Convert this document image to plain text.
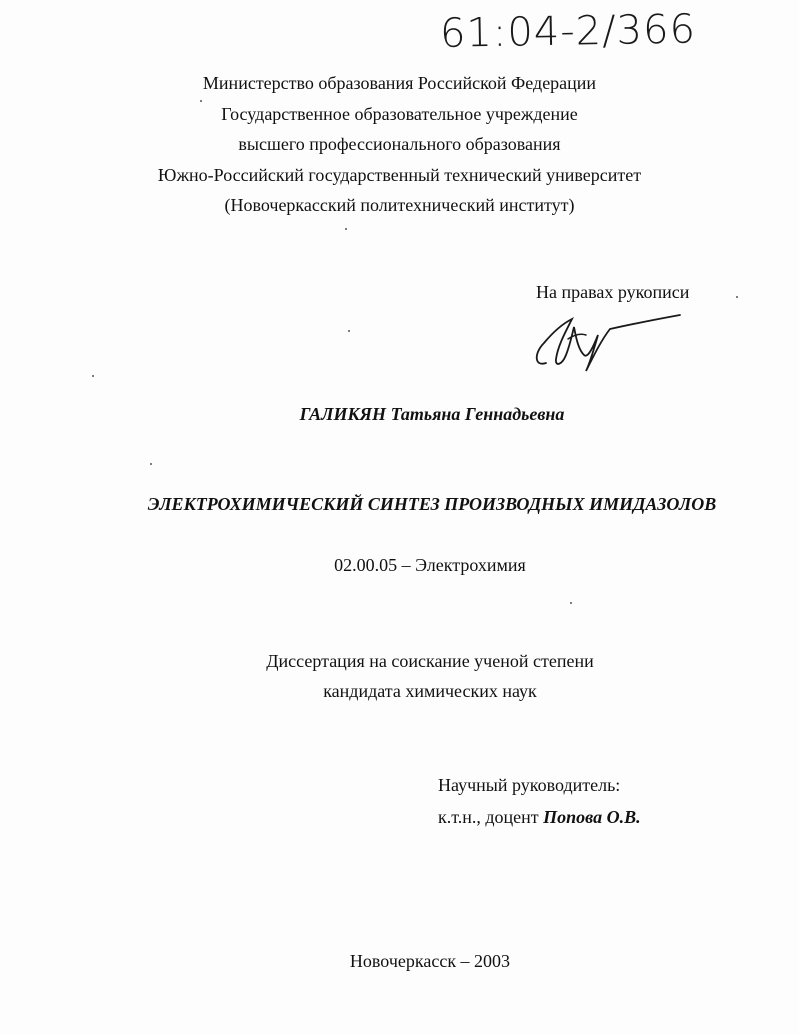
61:04-2/366
Министерство образования Российской Федерации
Государственное образовательное учреждение
высшего профессионального образования
Южно-Российский государственный технический университет
(Новочеркасский политехнический институт)
На правах рукописи
ГАЛИКЯН Татьяна Геннадьевна
ЭЛЕКТРОХИМИЧЕСКИЙ СИНТЕЗ ПРОИЗВОДНЫХ ИМИДАЗОЛОВ
02.00.05 – Электрохимия
Диссертация на соискание ученой степени
кандидата химических наук
Научный руководитель:
к.т.н., доцент Попова О.В.
Новочеркасск – 2003
